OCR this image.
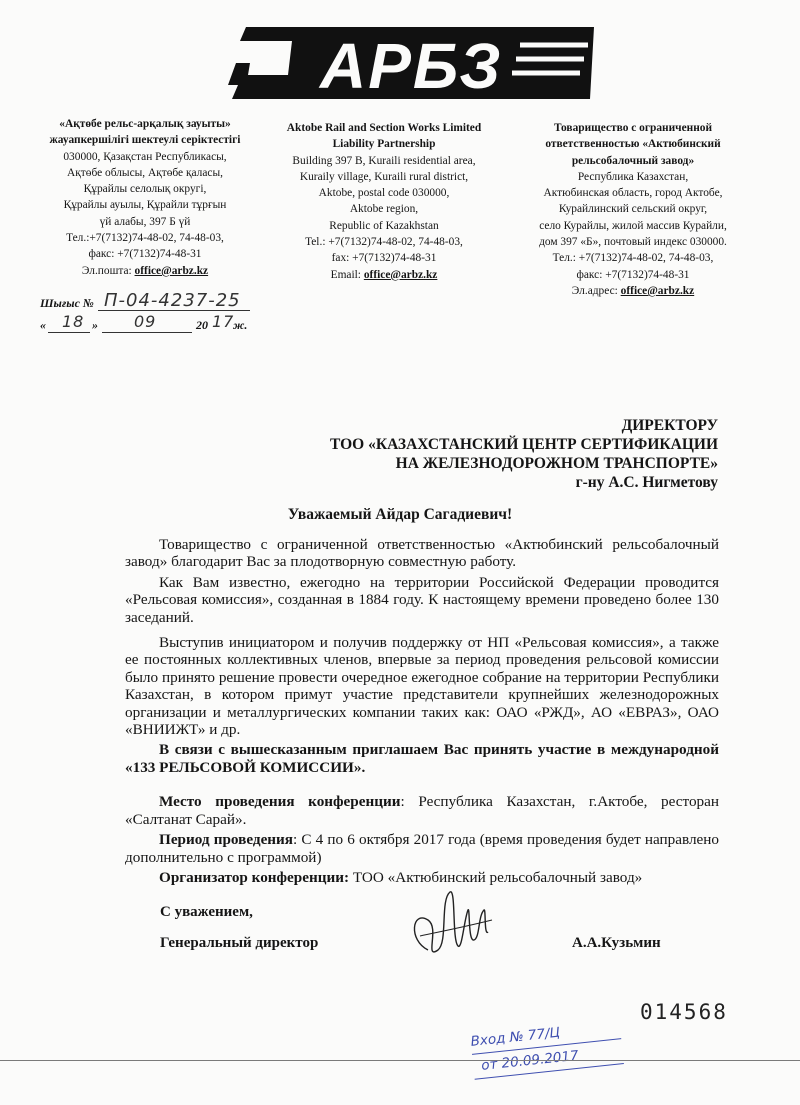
АРБЗ
«Ақтөбе рельс-арқалық зауыты» жауапкершілігі шектеулі серіктестігі
030000, Қазақстан Республикасы,
Ақтөбе облысы, Ақтөбе қаласы,
Құрайлы селолық округі,
Құрайлы ауылы, Құрайли тұрғын
үй алабы, 397 Б үй
Тел.:+7(7132)74-48-02, 74-48-03,
факс: +7(7132)74-48-31
Эл.пошта: office@arbz.kz
Aktobe Rail and Section Works Limited Liability Partnership
Building 397 B, Kuraili residential area,
Kuraily village, Kuraili rural district,
Aktobe, postal code 030000,
Aktobe region,
Republic of Kazakhstan
Tel.: +7(7132)74-48-02, 74-48-03,
fax: +7(7132)74-48-31
Email: office@arbz.kz
Товарищество с ограниченной ответственностью «Актюбинский рельсобалочный завод»
Республика Казахстан,
Актюбинская область, город Актобе,
Курайлинский сельский округ,
село Курайлы, жилой массив Курайли,
дом 397 «Б», почтовый индекс 030000.
Тел.: +7(7132)74-48-02, 74-48-03,
факс: +7(7132)74-48-31
Эл.адрес: office@arbz.kz
Шығыс № П-04-4237-25
« 18 » 09	20 17
ж.
ДИРЕКТОРУ
ТОО «КАЗАХСТАНСКИЙ ЦЕНТР СЕРТИФИКАЦИИ
НА ЖЕЛЕЗНОДОРОЖНОМ ТРАНСПОРТЕ»
г-ну А.С. Нигметову
Уважаемый Айдар Сагадиевич!

Товарищество с ограниченной ответственностью «Актюбинский рельсобалочный завод» благодарит Вас за плодотворную совместную работу.

Как Вам известно, ежегодно на территории Российской Федерации проводится «Рельсовая комиссия», созданная в 1884 году. К настоящему времени проведено более 130 заседаний.

Выступив инициатором и получив поддержку от НП «Рельсовая комиссия», а также ее постоянных коллективных членов, впервые за период проведения рельсовой комиссии было принято решение провести очередное ежегодное собрание на территории Республики Казахстан, в котором примут участие представители крупнейших железнодорожных организации и металлургических компании таких как: ОАО «РЖД», АО «ЕВРАЗ», ОАО «ВНИИЖТ» и др.

В связи с вышесказанным приглашаем Вас принять участие в международной «133 РЕЛЬСОВОЙ КОМИССИИ».

Место проведения конференции: Республика Казахстан, г.Актобе, ресторан «Салтанат Сарай».

Период проведения: С 4 по 6 октября 2017 года (время проведения будет направлено дополнительно с программой)

Организатор конференции: ТОО «Актюбинский рельсобалочный завод»

С уважением,
Генеральный директор	А.А.Кузьмин
014568
Вход № 77/Ц
от 20.09.2017
